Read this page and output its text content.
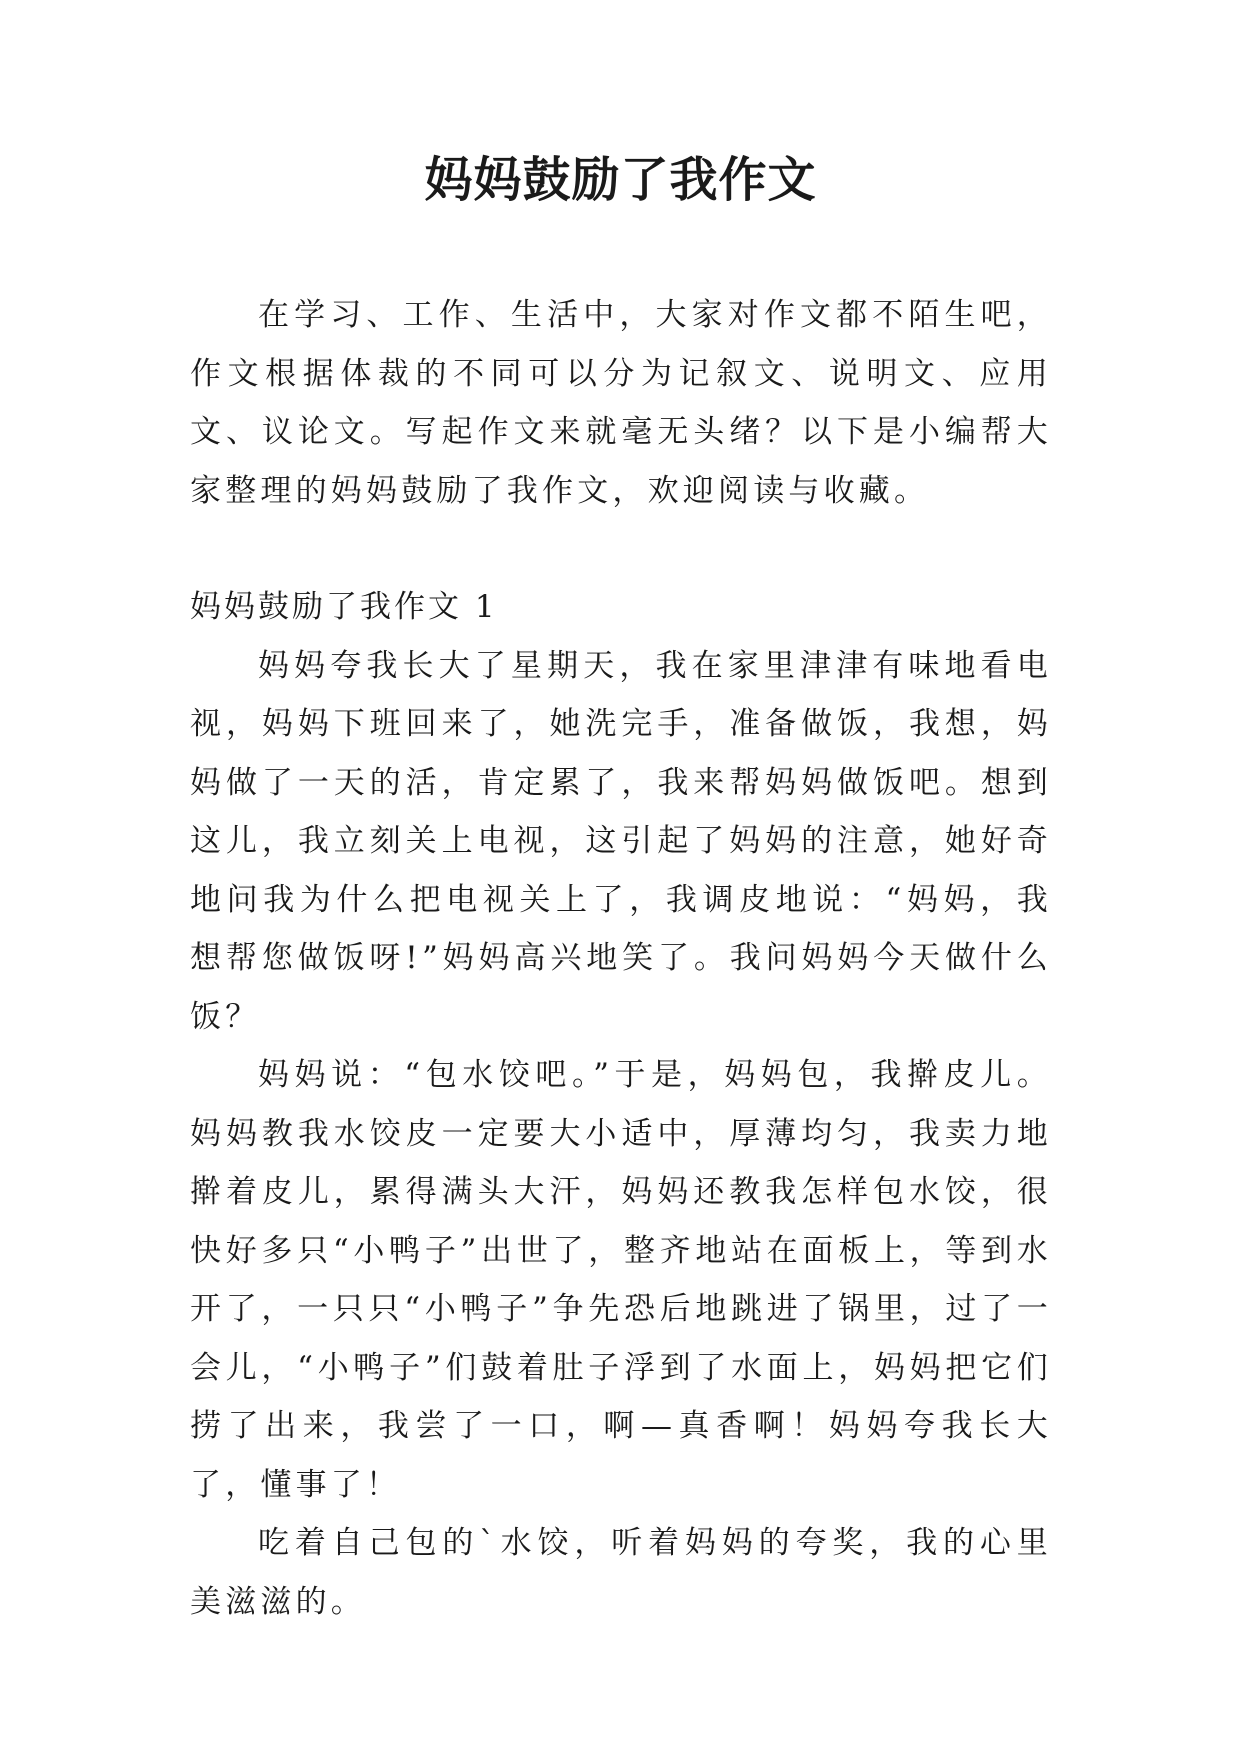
妈妈鼓励了我作文

在学习、工作、生活中，大家对作文都不陌生吧，作文根据体裁的不同可以分为记叙文、说明文、应用文、议论文。写起作文来就毫无头绪？以下是小编帮大家整理的妈妈鼓励了我作文，欢迎阅读与收藏。

妈妈鼓励了我作文 1

妈妈夸我长大了星期天，我在家里津津有味地看电视，妈妈下班回来了，她洗完手，准备做饭，我想，妈妈做了一天的活，肯定累了，我来帮妈妈做饭吧。想到这儿，我立刻关上电视，这引起了妈妈的注意，她好奇地问我为什么把电视关上了，我调皮地说：“妈妈，我想帮您做饭呀!”妈妈高兴地笑了。我问妈妈今天做什么饭？

妈妈说：“包水饺吧。”于是，妈妈包，我擀皮儿。妈妈教我水饺皮一定要大小适中，厚薄均匀，我卖力地擀着皮儿，累得满头大汗，妈妈还教我怎样包水饺，很快好多只“小鸭子”出世了，整齐地站在面板上，等到水开了，一只只“小鸭子”争先恐后地跳进了锅里，过了一会儿，“小鸭子”们鼓着肚子浮到了水面上，妈妈把它们捞了出来，我尝了一口，啊—真香啊！妈妈夸我长大了，懂事了！

吃着自己包的`水饺，听着妈妈的夸奖，我的心里美滋滋的。
